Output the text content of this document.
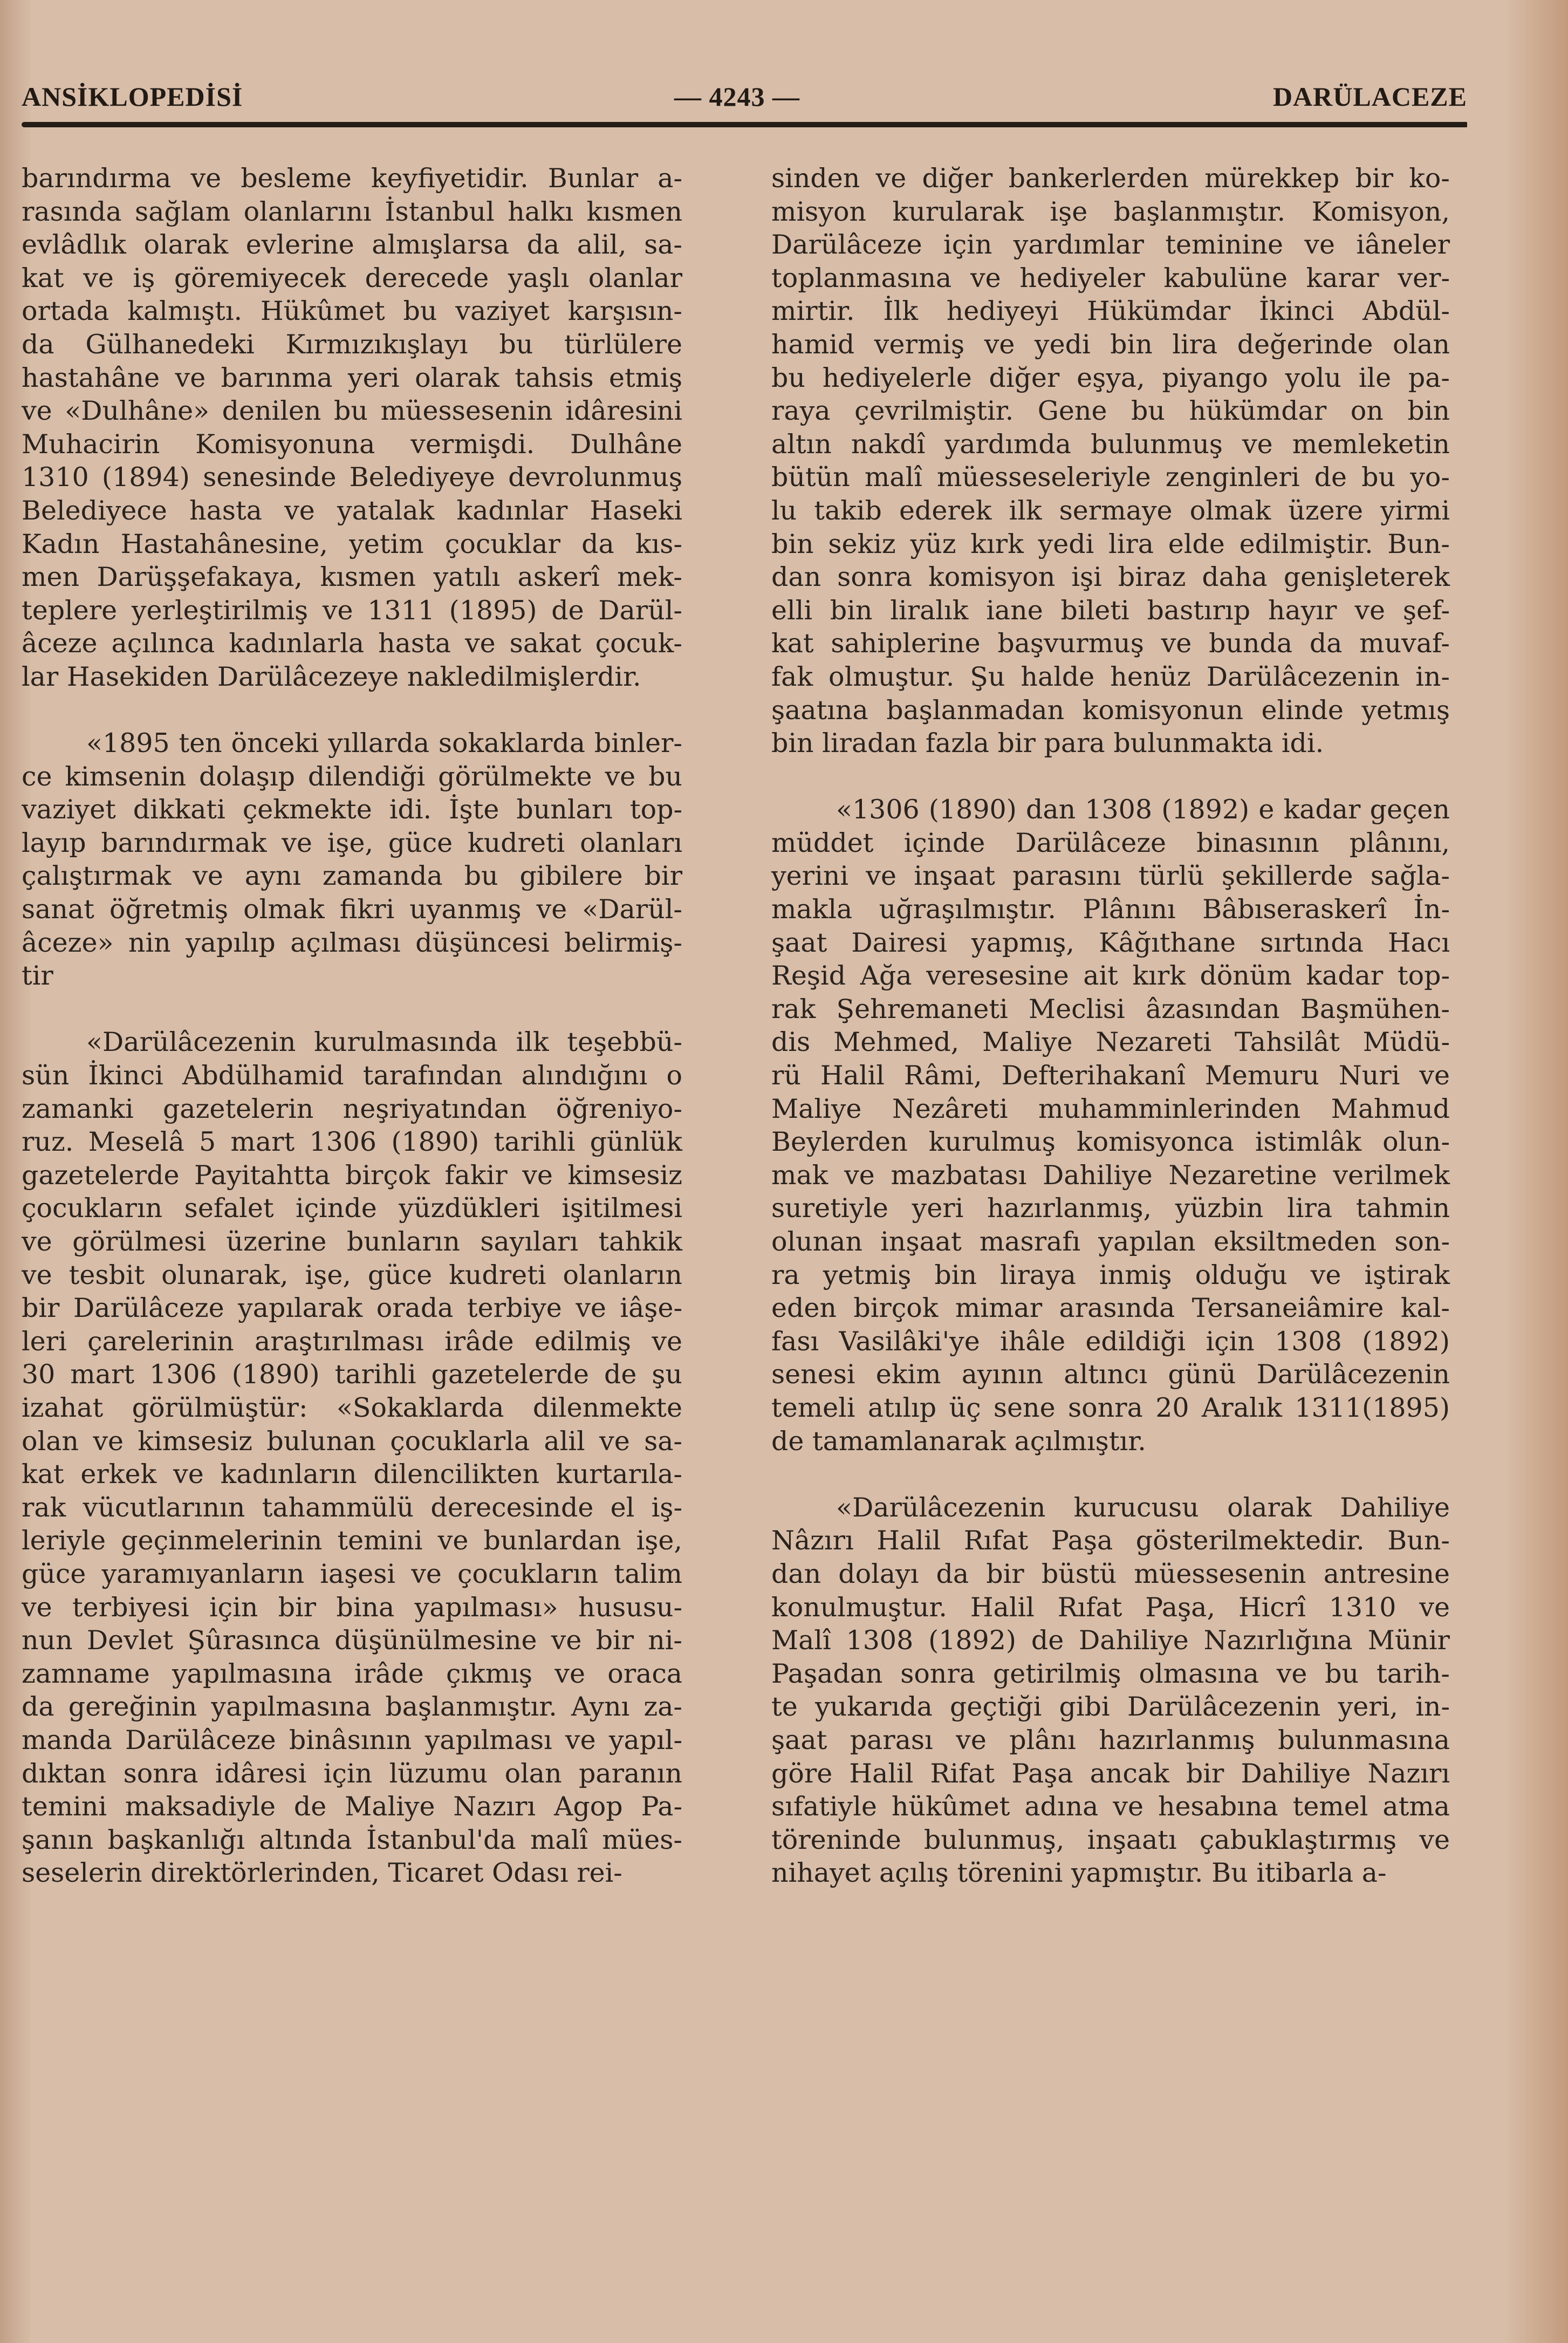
ANSİKLOPEDİSİ	— 4243 —	DARÜLACEZE
barındırma ve besleme keyfiyetidir. Bunlar a-
rasında sağlam olanlarını İstanbul halkı kısmen
evlâdlık olarak evlerine almışlarsa da alil, sa-
kat ve iş göremiyecek derecede yaşlı olanlar
ortada kalmıştı. Hükûmet bu vaziyet karşısın-
da Gülhanedeki Kırmızıkışlayı bu türlülere
hastahâne ve barınma yeri olarak tahsis etmiş
ve «Dulhâne» denilen bu müessesenin idâresini
Muhacirin Komisyonuna vermişdi. Dulhâne
1310 (1894) senesinde Belediyeye devrolunmuş
Belediyece hasta ve yatalak kadınlar Haseki
Kadın Hastahânesine, yetim çocuklar da kıs-
men Darüşşefakaya, kısmen yatılı askerî mek-
teplere yerleştirilmiş ve 1311 (1895) de Darül-
âceze açılınca kadınlarla hasta ve sakat çocuk-
lar Hasekiden Darülâcezeye nakledilmişlerdir.
«1895 ten önceki yıllarda sokaklarda binler-
ce kimsenin dolaşıp dilendiği görülmekte ve bu
vaziyet dikkati çekmekte idi. İşte bunları top-
layıp barındırmak ve işe, güce kudreti olanları
çalıştırmak ve aynı zamanda bu gibilere bir
sanat öğretmiş olmak fikri uyanmış ve «Darül-
âceze» nin yapılıp açılması düşüncesi belirmiş-
tir
«Darülâcezenin kurulmasında ilk teşebbü-
sün İkinci Abdülhamid tarafından alındığını o
zamanki gazetelerin neşriyatından öğreniyo-
ruz. Meselâ 5 mart 1306 (1890) tarihli günlük
gazetelerde Payitahtta birçok fakir ve kimsesiz
çocukların sefalet içinde yüzdükleri işitilmesi
ve görülmesi üzerine bunların sayıları tahkik
ve tesbit olunarak, işe, güce kudreti olanların
bir Darülâceze yapılarak orada terbiye ve iâşe-
leri çarelerinin araştırılması irâde edilmiş ve
30 mart 1306 (1890) tarihli gazetelerde de şu
izahat görülmüştür: «Sokaklarda dilenmekte
olan ve kimsesiz bulunan çocuklarla alil ve sa-
kat erkek ve kadınların dilencilikten kurtarıla-
rak vücutlarının tahammülü derecesinde el iş-
leriyle geçinmelerinin temini ve bunlardan işe,
güce yaramıyanların iaşesi ve çocukların talim
ve terbiyesi için bir bina yapılması» hususu-
nun Devlet Şûrasınca düşünülmesine ve bir ni-
zamname yapılmasına irâde çıkmış ve oraca
da gereğinin yapılmasına başlanmıştır. Aynı za-
manda Darülâceze binâsının yapılması ve yapıl-
dıktan sonra idâresi için lüzumu olan paranın
temini maksadiyle de Maliye Nazırı Agop Pa-
şanın başkanlığı altında İstanbul'da malî mües-
seselerin direktörlerinden, Ticaret Odası rei-
sinden ve diğer bankerlerden mürekkep bir ko-
misyon kurularak işe başlanmıştır. Komisyon,
Darülâceze için yardımlar teminine ve iâneler
toplanmasına ve hediyeler kabulüne karar ver-
mirtir. İlk hediyeyi Hükümdar İkinci Abdül-
hamid vermiş ve yedi bin lira değerinde olan
bu hediyelerle diğer eşya, piyango yolu ile pa-
raya çevrilmiştir. Gene bu hükümdar on bin
altın nakdî yardımda bulunmuş ve memleketin
bütün malî müesseseleriyle zenginleri de bu yo-
lu takib ederek ilk sermaye olmak üzere yirmi
bin sekiz yüz kırk yedi lira elde edilmiştir. Bun-
dan sonra komisyon işi biraz daha genişleterek
elli bin liralık iane bileti bastırıp hayır ve şef-
kat sahiplerine başvurmuş ve bunda da muvaf-
fak olmuştur. Şu halde henüz Darülâcezenin in-
şaatına başlanmadan komisyonun elinde yetmış
bin liradan fazla bir para bulunmakta idi.
«1306 (1890) dan 1308 (1892) e kadar geçen
müddet içinde Darülâceze binasının plânını,
yerini ve inşaat parasını türlü şekillerde sağla-
makla uğraşılmıştır. Plânını Bâbıseraskerî İn-
şaat Dairesi yapmış, Kâğıthane sırtında Hacı
Reşid Ağa veresesine ait kırk dönüm kadar top-
rak Şehremaneti Meclisi âzasından Başmühen-
dis Mehmed, Maliye Nezareti Tahsilât Müdü-
rü Halil Râmi, Defterihakanî Memuru Nuri ve
Maliye Nezâreti muhamminlerinden Mahmud
Beylerden kurulmuş komisyonca istimlâk olun-
mak ve mazbatası Dahiliye Nezaretine verilmek
suretiyle yeri hazırlanmış, yüzbin lira tahmin
olunan inşaat masrafı yapılan eksiltmeden son-
ra yetmiş bin liraya inmiş olduğu ve iştirak
eden birçok mimar arasında Tersaneiâmire kal-
fası Vasilâki'ye ihâle edildiği için 1308 (1892)
senesi ekim ayının altıncı günü Darülâcezenin
temeli atılıp üç sene sonra 20 Aralık 1311(1895)
de tamamlanarak açılmıştır.
«Darülâcezenin kurucusu olarak Dahiliye
Nâzırı Halil Rıfat Paşa gösterilmektedir. Bun-
dan dolayı da bir büstü müessesenin antresine
konulmuştur. Halil Rıfat Paşa, Hicrî 1310 ve
Malî 1308 (1892) de Dahiliye Nazırlığına Münir
Paşadan sonra getirilmiş olmasına ve bu tarih-
te yukarıda geçtiği gibi Darülâcezenin yeri, in-
şaat parası ve plânı hazırlanmış bulunmasına
göre Halil Rifat Paşa ancak bir Dahiliye Nazırı
sıfatiyle hükûmet adına ve hesabına temel atma
töreninde bulunmuş, inşaatı çabuklaştırmış ve
nihayet açılış törenini yapmıştır. Bu itibarla a-
